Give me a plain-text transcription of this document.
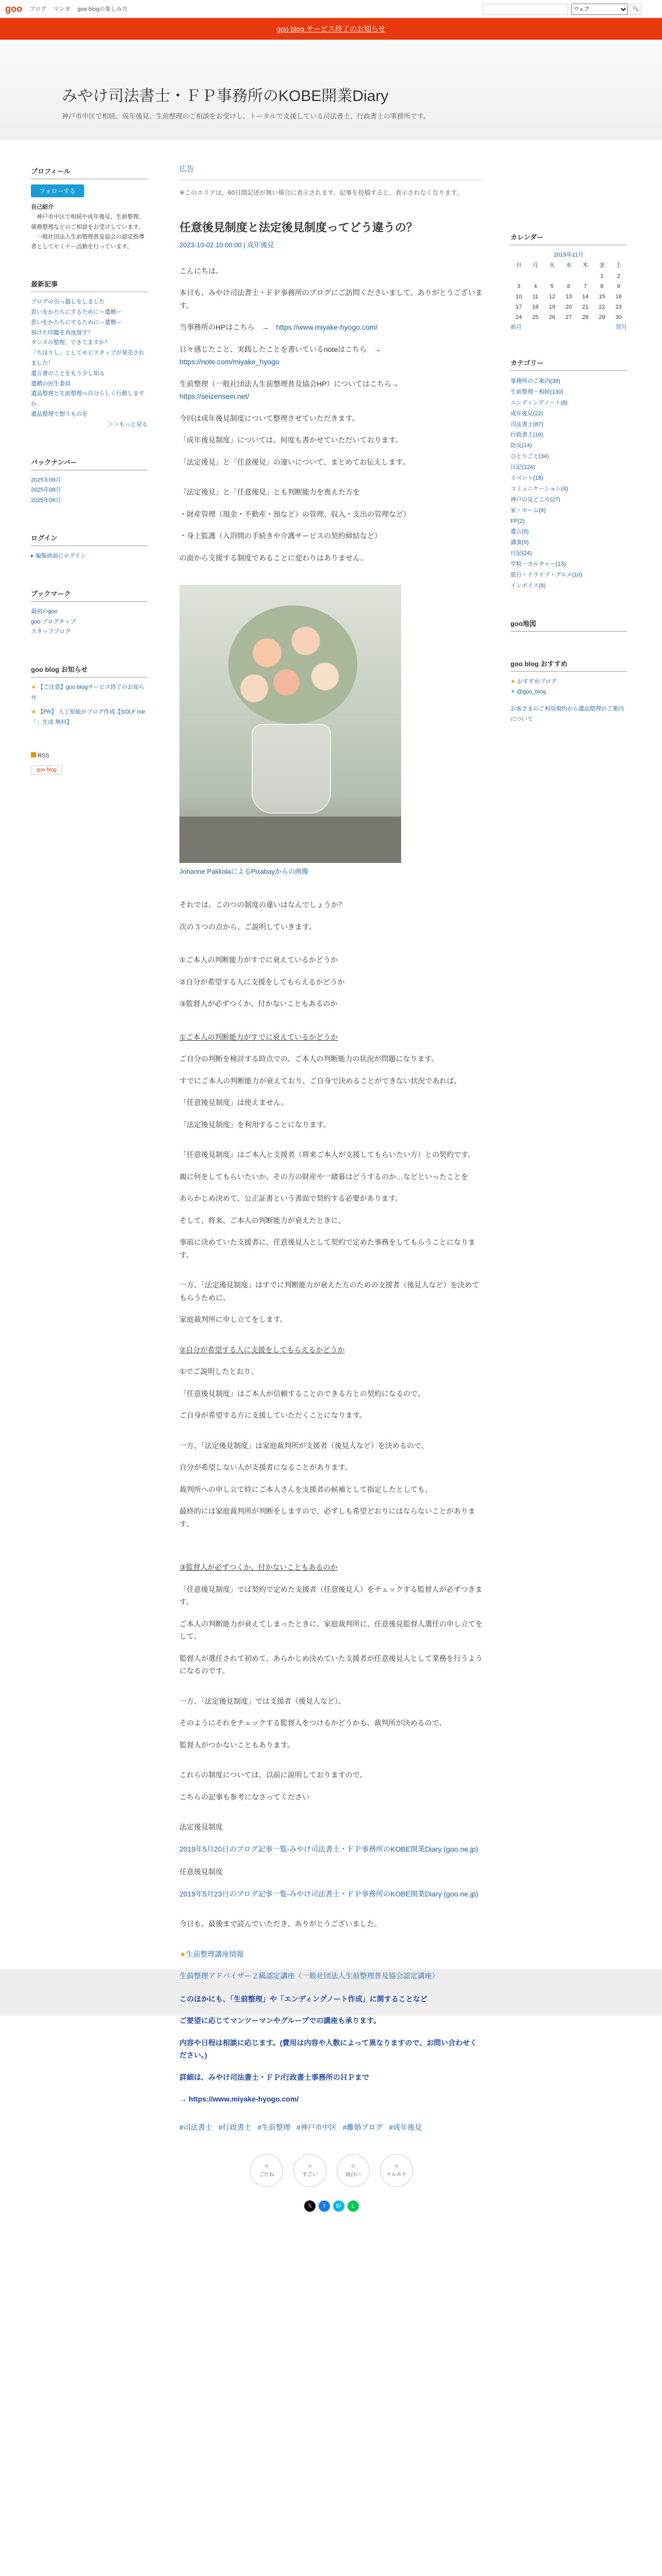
goo ブログ マンガ goo blogの楽しみ方
ウェブ	🔍
goo blog サービス終了のお知らせ
みやけ司法書士・ＦＰ事務所のKOBE開業Diary

神戸市中区で相続、成年後見、生前整理のご相談をお受けし、トータルで支援している司法書士、行政書士の事務所です。

プロフィール
フォローする
自己紹介
　神戸市中区で相続や成年後見、生前整理、債務整理などのご相談をお受けしています。
　一般社団法人生前整理普及協会の認定指導者としてセミナー活動を行っています。
最新記事
ブログの引っ越しをしました
思いをかたちにするためにー遺贈ー
思いをかたちにするためにー遺贈ー
預けた印鑑を再度渡す？
タンスの整理、できてますか？
「ちほりし」としてモビスタップが発売されました！
遺言書のことをもう少し知る
遺贈の民生委員
遺品整理と生前整理へ自分らしく行動しますか。
遺品整理で想うものを
＞＞もっと見る
バックナンバー
2025年09月
2025年08月
2025年06月
ログイン
▸ 編集画面にログイン
ブックマーク
最初のgoo
goo ブログチップ
スタッフブログ
goo blog お知らせ
★ 【ご注意】goo blogサービス終了のお知らせ
★ 【PR】 人工知能がブログ作成【SOLF me 「」生成 無料】
RSS
goo blog
広告
※このエリアは、60日間記述が無い場合に表示されます。記事を投稿すると、表示されなくなります。
任意後見制度と法定後見制度ってどう違うの？
2023-10-02 10:00:00 | 成年後見

こんにちは。

本日も、みやけ司法書士・ＦＰ事務所のブログにご訪問くださいまして、ありがとうございます。

当事務所のHPはこちら　→　https://www.miyake-hyogo.com/

日々感じたこと、実践したことを書いているnoteはこちら　→
https://note.com/miyake_hyogo

生前整理（一般社団法人生前整理普及協会HP）についてはこちら→
https://seizenseiri.net/

今回は成年後見制度について整理させていただきます。

「成年後見制度」については、何度も書かせていただいております。

「法定後見」と「任意後見」の違いについて、まとめてお伝えします。

「法定後見」と「任意後見」とも判断能力を喪えた方を

・財産管理（現金・不動産・預など）の管理、収入・支出の管理など）

・身上監護（入浴間の手続きや介護サービスの契約締結など）

の面から支援する制度であることに変わりはありません。

Johanne PakkolaによるPixabayからの画像

それでは、このつの制度の違いはなんでしょうか？

次の３つの点から、ご説明していきます。

①ご本人の判断能力がすでに衰えているかどうか

②自分が希望する人に支援をしてもらえるかどうか

③監督人が必ずつくか、付かないこともあるのか

①ご本人の判断能力がすでに衰えているかどうか

ご自分の判断を検討する時点での、ご本人の判断能力の状況が問題になります。

すでにご本人の判断能力が衰えており、ご自身で決めることができない状況であれば、

「任意後見制度」は使えません。

「法定後見制度」を利用することになります。

「任意後見制度」はご本人と支援者（将来ご本人が支援してもらいたい方）との契約です。

親に何をしてもらいたいか、その方の財産や一緒暮はどうするのか…などといったことを

あらかじめ決めて、公正証書という書面で契約する必要があります。

そして、将来、ご本人の判断能力が衰えたときに、

事前に決めていた支援者に、任意後見人として契約で定めた事務をしてもらうことになります。

一方、「法定後見制度」はすでに判断能力が衰えた方のための支援者（後見人など）を決めてもらうために、

家庭裁判所に申し立てをします。

②自分が希望する人に支援をしてもらえるかどうか

①でご説明したとおり、

「任意後見制度」はご本人が信頼することのできる方との契約になるので、

ご自身が希望する方に支援していただくことになります。

一方、「法定後見制度」は家庭裁判所が支援者（後見人など）を決めるので、

自分が希望しない人が支援者になることがあります。

裁判所への申し立て時にご本人さんを支援者の候補として指定したとしても、

最終的には家庭裁判所が判断をしますので、必ずしも希望どおりにはならないことがあります。

③監督人が必ずつくか、付かないこともあるのか

「任意後見制度」では契約で定めた支援者（任意後見人）をチェックする監督人が必ずつきます。

ご本人の判断能力が衰えてしまったときに、家庭裁判所に、任意後見監督人選任の申し立てをして、

監督人が選任されて初めて、あらかじめ決めていた支援者が任意後見人として業務を行うようになるのです。

一方、「法定後見制度」では支援者（後見人など）、

そのようにそれをチェックする監督人をつけるかどうかも、裁判所が決めるので、

監督人がつかないこともあります。

これらの制度については、以前に説明しておりますので、

こちらの記事も参考になさってください

法定後見制度

2019年5月20日のブログ記事一覧-みやけ司法書士・ＦＰ事務所のKOBE開業Diary (goo.ne.jp)

任意後見制度

2019年5月23日のブログ記事一覧-みやけ司法書士・ＦＰ事務所のKOBE開業Diary (goo.ne.jp)

今日も、最後まで読んでいただき、ありがとうございました。

★生前整理講座情報

生前整理アドバイザー２級認定講座（一般社団法人生前整理普及協会認定講座）

このほかにも、「生前整理」や「エンディングノート作成」に関することなど

ご要望に応じてマンツーマンやグループでの講座も承ります。

内容や日程は相談に応じます。(費用は内容や人数によって異なりますので、お問い合わせください。)

詳細は、みやけ司法書士・ＦＰ/行政書士事務所のＨＰまで

→ https://www.miyake-hyogo.com/

#司法書士 #行政書士 #生前整理 #神戸市中区 #離婚ブログ #成年後見
☺
ごだね
☺
すごい
☺
面白い
☺
ナルホド
𝕏	f	B!	L
カレンダー
2019年11月
日	月	火	水	木	金	土
					1	2
3	4	5	6	7	8	9
10	11	12	13	14	15	16
17	18	19	20	21	22	23
24	25	26	27	28	29	30
前月	翌月
カテゴリー
事務所のご案内(38)
生前整理・相続(130)
エンディングノート(8)
成年後見(22)
司法書士(87)
行政書士(16)
防災(14)
ひとりごと(34)
日記(124)
イベント(18)
コミュニケーション(4)
神戸の見どころ(27)
家・ホーム(9)
FP(2)
遺言(8)
講演(9)
日記(24)
学校・カルチャー(13)
旅行・ドライブ・グルメ(10)
インボイス(8)
goo地図
goo blog おすすめ
★ おすすめブログ
✦ @goo_blog
お客さまのご利用規約から遺品整理のご案内について
